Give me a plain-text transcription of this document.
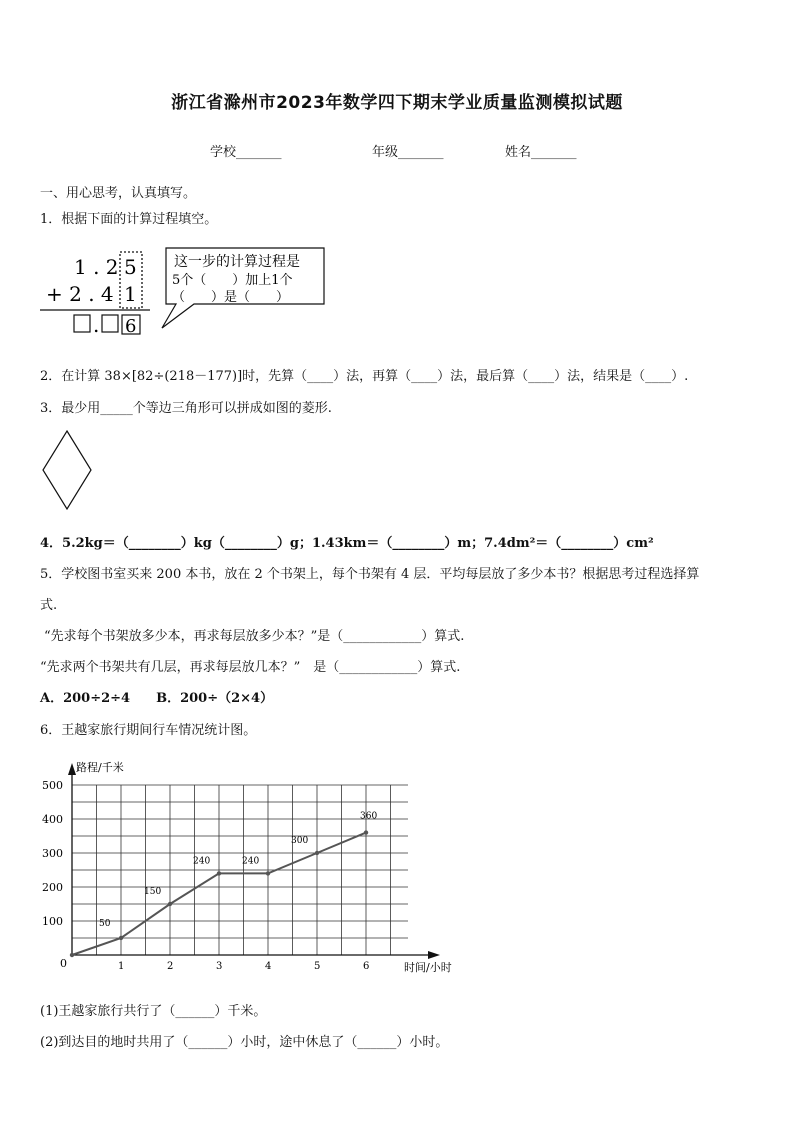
浙江省滁州市2023年数学四下期末学业质量监测模拟试题
学校_______	年级_______	姓名_______
一、用心思考，认真填写。
1．根据下面的计算过程填空。
1 . 2 5
+ 2 . 4 1
. 6
这一步的计算过程是
5个（　　）加上1个
（　　）是（　　）
2．在计算 38×[82÷(218－177)]时，先算（____）法，再算（____）法，最后算（____）法，结果是（____）.
3．最少用_____个等边三角形可以拼成如图的菱形.
4．5.2kg＝（________）kg（________）g；1.43km＝（________）m；7.4dm²＝（________）cm²
5．学校图书室买来 200 本书，放在 2 个书架上，每个书架有 4 层．平均每层放了多少本书？根据思考过程选择算
式.
“先求每个书架放多少本，再求每层放多少本？”是（____________）算式.
“先求两个书架共有几层，再求每层放几本？”　是（____________）算式.
A．200÷2÷4　　B．200÷（2×4）
6．王越家旅行期间行车情况统计图。
路程/千米
时间/小时
0	1	2	3	4	5	6
100
200
300
400
500
50
150
240	240
300
360
(1)王越家旅行共行了（______）千米。
(2)到达目的地时共用了（______）小时，途中休息了（______）小时。
